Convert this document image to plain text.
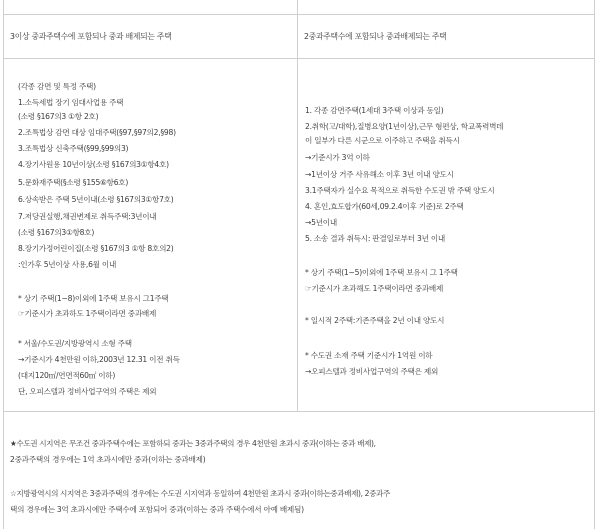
3이상 중과주택수에 포함되나 중과 배제되는 주택	2중과주택수에 포함되나 중과배제되는 주택
(각종 감면 및 특정 주택)
1.소득세법 장기 임대사업용 주택
(소령 §167의3 ①항 2호)
2.조특법상 감면 대상 임대주택(§97,§97의2,§98)
3.조특법상 신축주택(§99,§99의3)
4.장기사원용 10년이상(소령 §167의3①항4호)
5.문화재주택(§소령 §155⑥항6호)
6.상속받은 주택 5년이내(소령 §167의3①항7호)
7.저당권실행,채권변제로 취득주택:3년이내
(소령 §167의3①항8호)
8.장기가정어린이집(소령 §167의3 ①항 8호의2)
:인가후 5년이상 사용,6월 이내
* 상기 주택(1~8)이외에 1주택 보유시 그1주택
☞기준시가 초과하도 1주택이라면 중과배제
* 서울/수도권/지방광역시 소형 주택
→기준시가 4천만원 이하,2003년 12.31 이전 취득
(대지120㎡/연면적60㎡ 이하)
단, 오피스텔과 정비사업구역의 주택은 제외
1. 각종 감면주택(1세대 3주택 이상과 동일)
2.취학(고/대학),질병요양(1년이상),근무 형편상, 학교폭력벽데
이 일부가 다른 시군으로 이주하고 주택을 취득시
→기준시가 3억 이하
→1년이상 거주 사유해소 이후 3년 이내 양도시
3.1주택자가 실수요 목적으로 취득한 수도권 밖 주택 양도시
4. 혼인,효도합가(60세,09.2.4이후 기준)로 2주택
→5년이내
5. 소송 결과 취득시: 판결일로부터 3년 이내
* 상기 주택(1~5)이외에 1주택 보유시 그 1주택
☞기준시가 초과해도 1주택이라면 중과배제
* 일시적 2주택:기존주택을 2년 이내 양도시
* 수도권 소재 주택 기준시가 1억원 이하
→오피스텔과 정비사업구역의 주택은 제외
★수도권 시지역은 무조건 중과주택수에는 포함하되 중과는 3중과주택의 경우 4천만원 초과시 중과(이하는 중과 배제),
2중과주택의 경우에는 1억 초과시에만 중과(이하는 중과배제)
☆지방광역시의 시지역은 3중과주택의 경우에는 수도권 시지역과 동일하여 4천만원 초과시 중과(이하는중과배제), 2중과주
택의 경우에는 3억 초과시에만 주택수에 포함되어 중과(이하는 중과 주택수에서 아예 배제됨)
